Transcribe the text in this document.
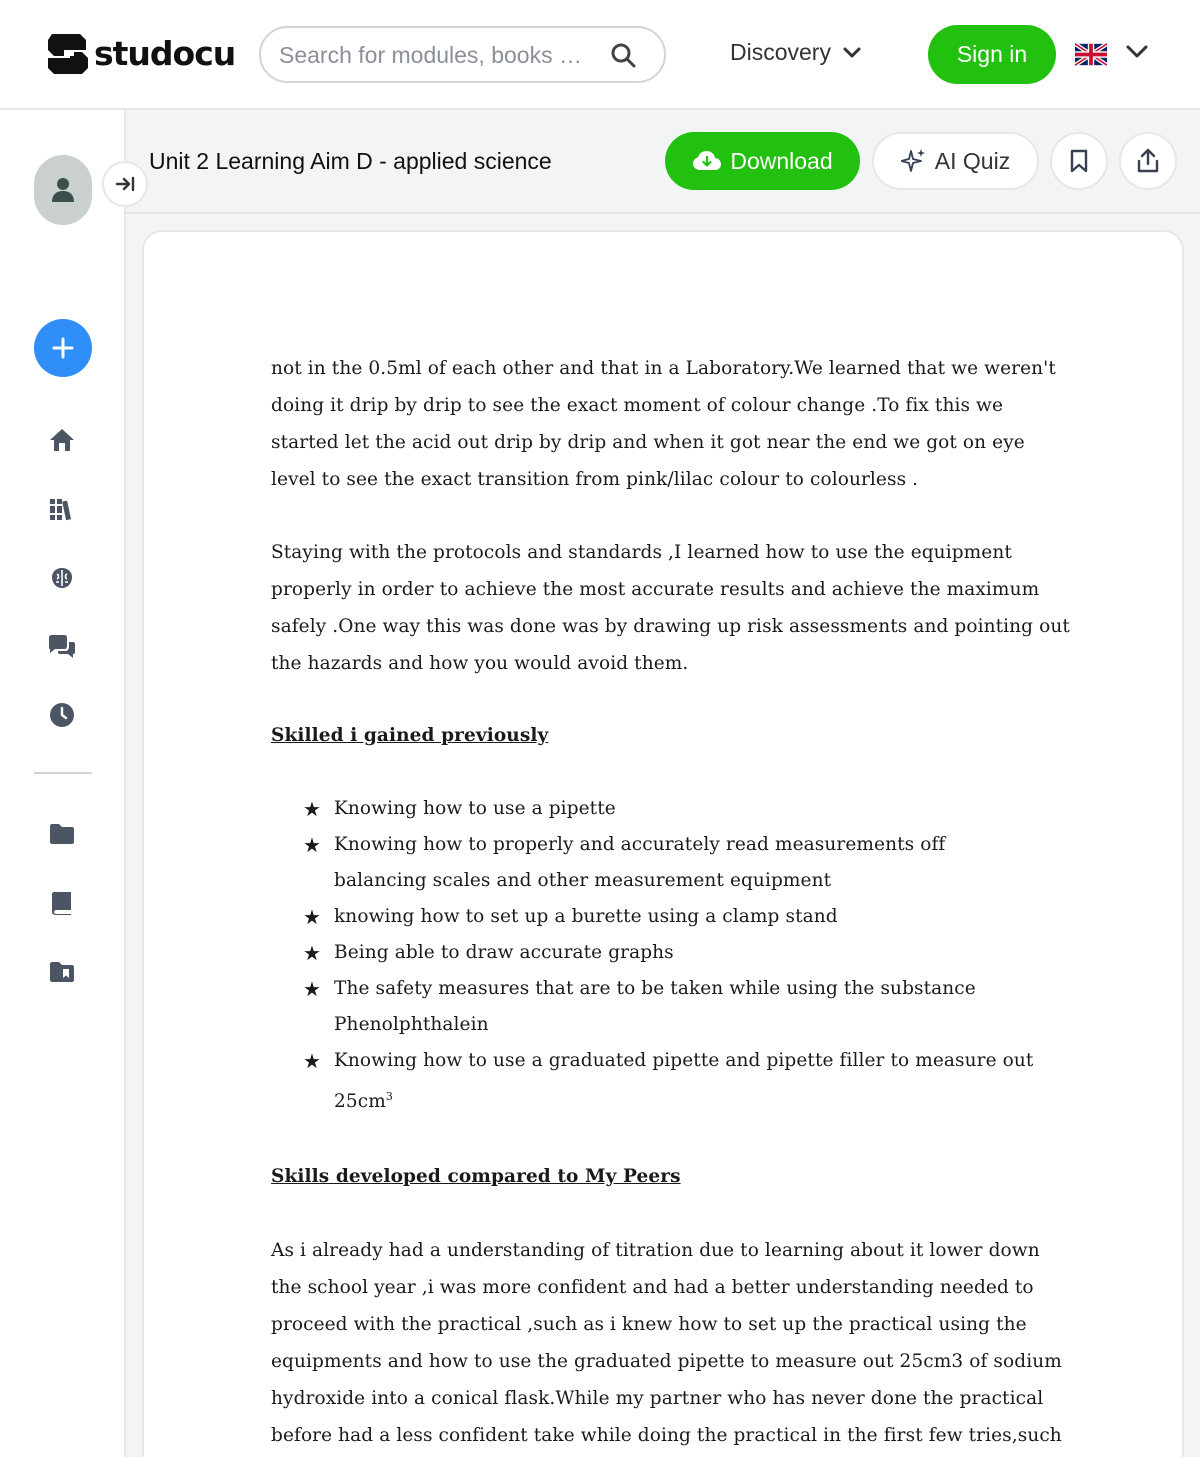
studocu
Search for modules, books …	Discovery	Sign in
Unit 2 Learning Aim D - applied science	Download	AI Quiz

not in the 0.5ml of each other and that in a Laboratory.We learned that we weren't doing it drip by drip to see the exact moment of colour change .To fix this we started let the acid out drip by drip and when it got near the end we got on eye level to see the exact transition from pink/lilac colour to colourless .

Staying with the protocols and standards ,I learned how to use the equipment properly in order to achieve the most accurate results and achieve the maximum safely .One way this was done was by drawing up risk assessments and pointing out the hazards and how you would avoid them.

Skilled i gained previously
★ Knowing how to use a pipette
★ Knowing how to properly and accurately read measurements off balancing scales and other measurement equipment
★ knowing how to set up a burette using a clamp stand
★ Being able to draw accurate graphs
★ The safety measures that are to be taken while using the substance Phenolphthalein
★ Knowing how to use a graduated pipette and pipette filler to measure out $25cm^3$
Skills developed compared to My Peers

As i already had a understanding of titration due to learning about it lower down the school year ,i was more confident and had a better understanding needed to proceed with the practical ,such as i knew how to set up the practical using the equipments and how to use the graduated pipette to measure out 25cm3 of sodium hydroxide into a conical flask.While my partner who has never done the practical before had a less confident take while doing the practical in the first few tries,such
